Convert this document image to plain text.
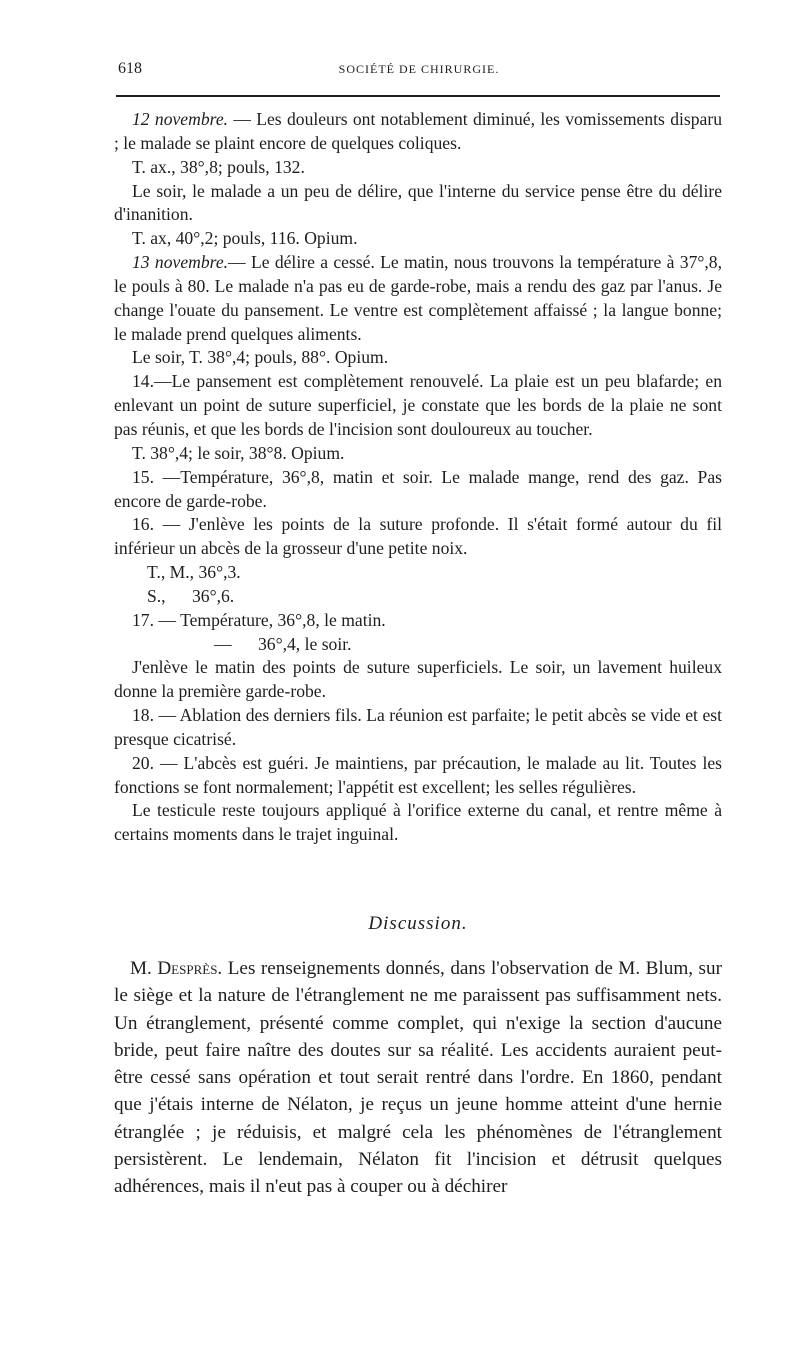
618	SOCIÉTÉ DE CHIRURGIE.

12 novembre. — Les douleurs ont notablement diminué, les vomissements disparu ; le malade se plaint encore de quelques coliques.

T. ax., 38°,8; pouls, 132.

Le soir, le malade a un peu de délire, que l'interne du service pense être du délire d'inanition.

T. ax, 40°,2; pouls, 116. Opium.

13 novembre.— Le délire a cessé. Le matin, nous trouvons la température à 37°,8, le pouls à 80. Le malade n'a pas eu de garde-robe, mais a rendu des gaz par l'anus. Je change l'ouate du pansement. Le ventre est complètement affaissé ; la langue bonne; le malade prend quelques aliments.

Le soir, T. 38°,4; pouls, 88°. Opium.

14.—Le pansement est complètement renouvelé. La plaie est un peu blafarde; en enlevant un point de suture superficiel, je constate que les bords de la plaie ne sont pas réunis, et que les bords de l'incision sont douloureux au toucher.

T. 38°,4; le soir, 38°8. Opium.

15. —Température, 36°,8, matin et soir. Le malade mange, rend des gaz. Pas encore de garde-robe.

16. — J'enlève les points de la suture profonde. Il s'était formé autour du fil inférieur un abcès de la grosseur d'une petite noix.

T., M., 36°,3.

S.,      36°,6.

17. — Température, 36°,8, le matin.

—      36°,4, le soir.

J'enlève le matin des points de suture superficiels. Le soir, un lavement huileux donne la première garde-robe.

18. — Ablation des derniers fils. La réunion est parfaite; le petit abcès se vide et est presque cicatrisé.

20. — L'abcès est guéri. Je maintiens, par précaution, le malade au lit. Toutes les fonctions se font normalement; l'appétit est excellent; les selles régulières.

Le testicule reste toujours appliqué à l'orifice externe du canal, et rentre même à certains moments dans le trajet inguinal.

Discussion.

M. Desprès. Les renseignements donnés, dans l'observation de M. Blum, sur le siège et la nature de l'étranglement ne me paraissent pas suffisamment nets. Un étranglement, présenté comme complet, qui n'exige la section d'aucune bride, peut faire naître des doutes sur sa réalité. Les accidents auraient peut-être cessé sans opération et tout serait rentré dans l'ordre. En 1860, pendant que j'étais interne de Nélaton, je reçus un jeune homme atteint d'une hernie étranglée ; je réduisis, et malgré cela les phénomènes de l'étranglement persistèrent. Le lendemain, Nélaton fit l'incision et détrusit quelques adhérences, mais il n'eut pas à couper ou à déchirer
